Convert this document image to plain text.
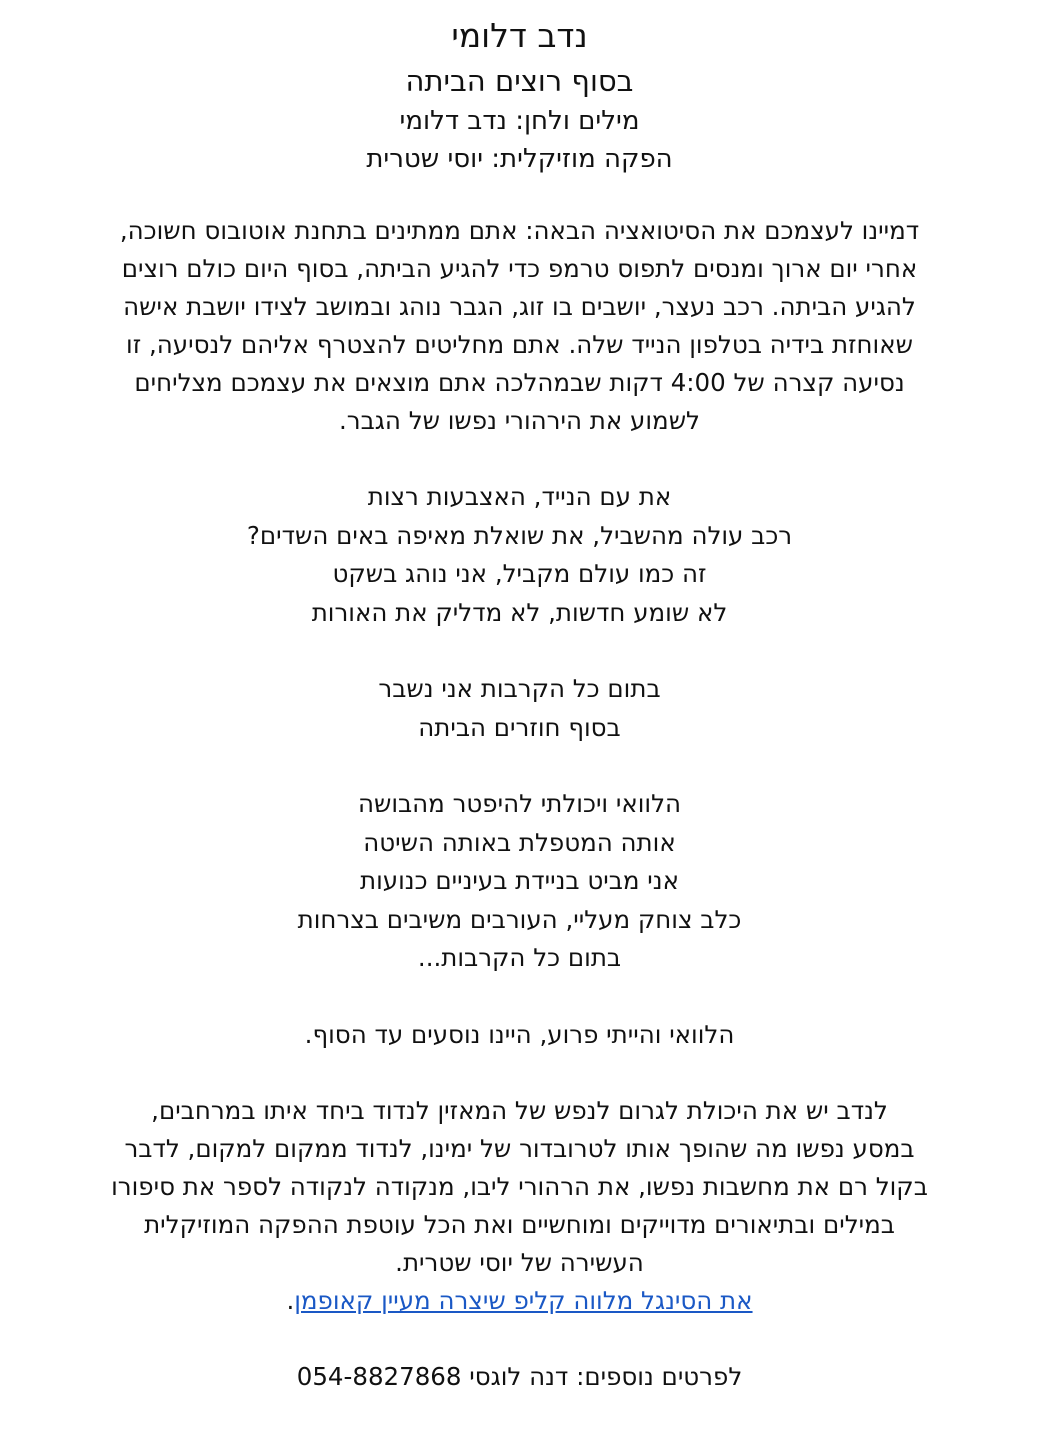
נדב דלומי
בסוף רוצים הביתה

מילים ולחן: נדב דלומי

הפקה מוזיקלית: יוסי שטרית

דמיינו לעצמכם את הסיטואציה הבאה: אתם ממתינים בתחנת אוטובוס חשוכה,
אחרי יום ארוך ומנסים לתפוס טרמפ כדי להגיע הביתה, בסוף היום כולם רוצים
להגיע הביתה. רכב נעצר, יושבים בו זוג, הגבר נוהג ובמושב לצידו יושבת אישה
שאוחזת בידיה בטלפון הנייד שלה. אתם מחליטים להצטרף אליהם לנסיעה, זו
נסיעה קצרה של 4:00 דקות שבמהלכה אתם מוצאים את עצמכם מצליחים
לשמוע את הירהורי נפשו של הגבר.

את עם הנייד, האצבעות רצות
רכב עולה מהשביל, את שואלת מאיפה באים השדים?
זה כמו עולם מקביל, אני נוהג בשקט
לא שומע חדשות, לא מדליק את האורות
בתום כל הקרבות אני נשבר
בסוף חוזרים הביתה
הלוואי ויכולתי להיפטר מהבושה
אותה המטפלת באותה השיטה
אני מביט בניידת בעיניים כנועות
כלב צוחק מעליי, העורבים משיבים בצרחות
בתום כל הקרבות...
הלוואי והייתי פרוע, היינו נוסעים עד הסוף.

לנדב יש את היכולת לגרום לנפש של המאזין לנדוד ביחד איתו במרחבים,
במסע נפשו מה שהופך אותו לטרובדור של ימינו, לנדוד ממקום למקום, לדבר
בקול רם את מחשבות נפשו, את הרהורי ליבו, מנקודה לנקודה לספר את סיפורו
במילים ובתיאורים מדוייקים ומוחשיים ואת הכל עוטפת ההפקה המוזיקלית
העשירה של יוסי שטרית.

את הסינגל מלווה קליפ שיצרה מעיין קאופמן.

לפרטים נוספים: דנה לוגסי 054-8827868
